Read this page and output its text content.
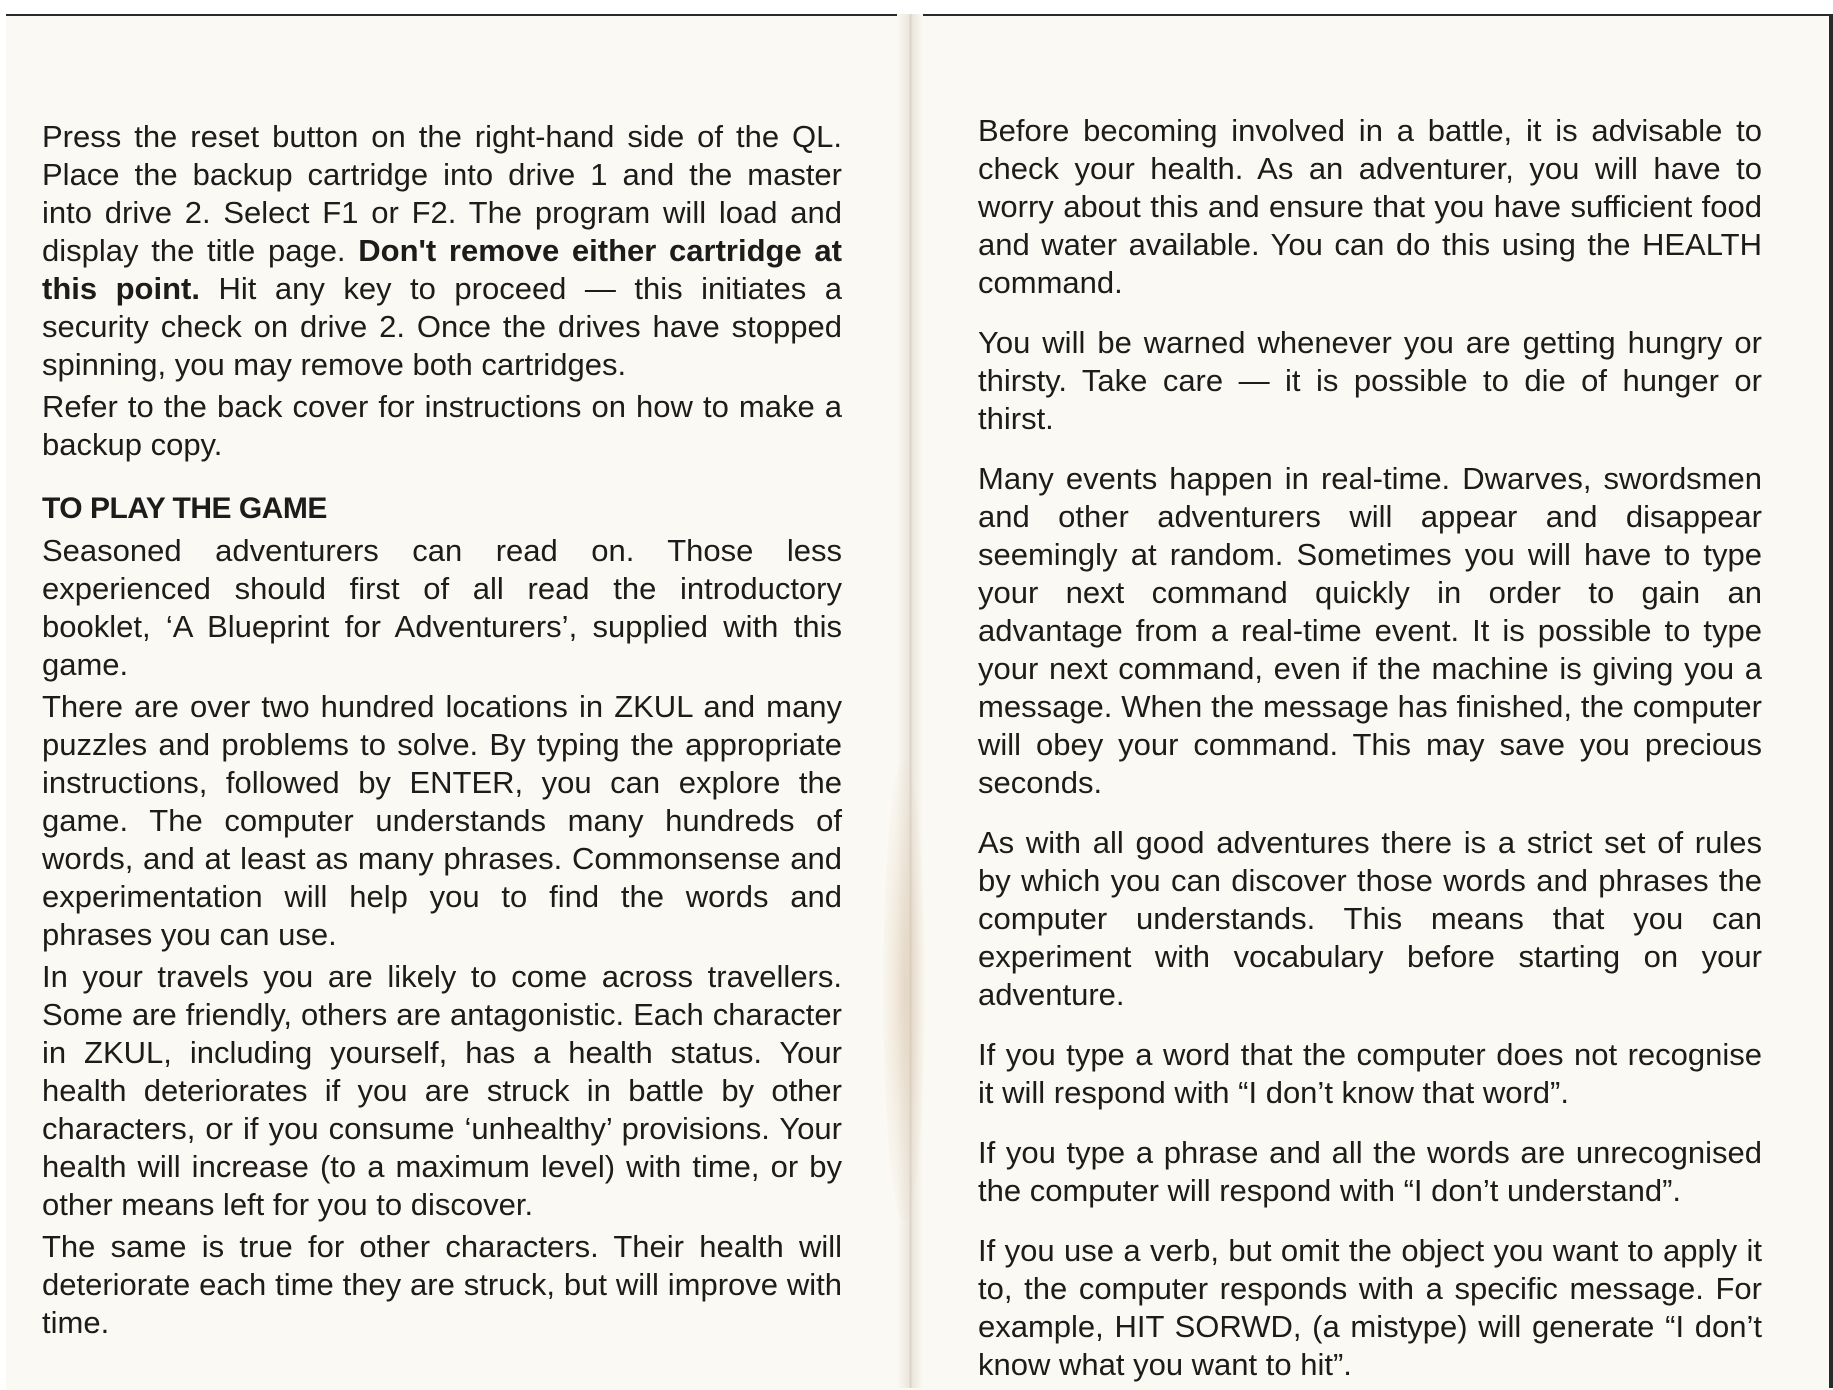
Press the reset button on the right-hand side of the QL. Place the backup cartridge into drive 1 and the master into drive 2. Select F1 or F2. The program will load and display the title page. Don't remove either cartridge at this point. Hit any key to proceed — this initiates a security check on drive 2. Once the drives have stopped spinning, you may remove both cartridges.

Refer to the back cover for instructions on how to make a backup copy.

TO PLAY THE GAME

Seasoned adventurers can read on. Those less experienced should first of all read the introductory booklet, ‘A Blueprint for Adventurers’, supplied with this game.

There are over two hundred locations in ZKUL and many puzzles and problems to solve. By typing the appropriate instructions, followed by ENTER, you can explore the game. The computer understands many hundreds of words, and at least as many phrases. Commonsense and experimentation will help you to find the words and phrases you can use.

In your travels you are likely to come across travellers. Some are friendly, others are antagonistic. Each character in ZKUL, including yourself, has a health status. Your health deteriorates if you are struck in battle by other characters, or if you consume ‘unhealthy’ provisions. Your health will increase (to a maximum level) with time, or by other means left for you to discover.

The same is true for other characters. Their health will deteriorate each time they are struck, but will improve with time.

Before becoming involved in a battle, it is advisable to check your health. As an adventurer, you will have to worry about this and ensure that you have sufficient food and water available. You can do this using the HEALTH command.

You will be warned whenever you are getting hungry or thirsty. Take care — it is possible to die of hunger or thirst.

Many events happen in real-time. Dwarves, swordsmen and other adventurers will appear and disappear seemingly at random. Sometimes you will have to type your next command quickly in order to gain an advantage from a real-time event. It is possible to type your next command, even if the machine is giving you a message. When the message has finished, the computer will obey your command. This may save you precious seconds.

As with all good adventures there is a strict set of rules by which you can discover those words and phrases the computer understands. This means that you can experiment with vocabulary before starting on your adventure.

If you type a word that the computer does not recognise it will respond with “I don’t know that word”.

If you type a phrase and all the words are unrecognised the computer will respond with “I don’t understand”.

If you use a verb, but omit the object you want to apply it to, the computer responds with a specific message. For example, HIT SORWD, (a mistype) will generate “I don’t know what you want to hit”.
